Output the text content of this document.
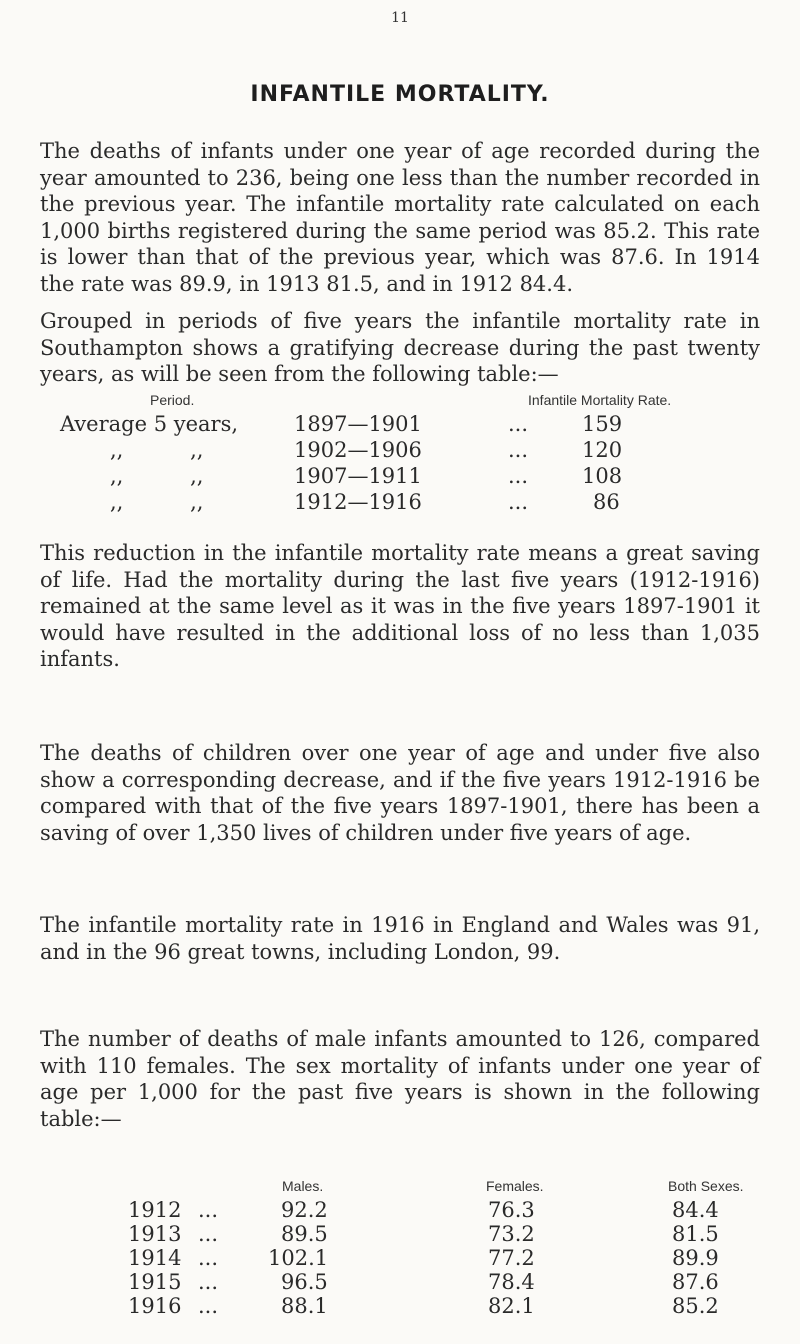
11
INFANTILE MORTALITY.

The deaths of infants under one year of age recorded during the year amounted to 236, being one less than the number recorded in the previous year. The infantile mortality rate calculated on each 1,000 births registered during the same period was 85.2. This rate is lower than that of the previous year, which was 87.6. In 1914 the rate was 89.9, in 1913 81.5, and in 1912 84.4.

Grouped in periods of five years the infantile mortality rate in Southampton shows a gratifying decrease during the past twenty years, as will be seen from the following table:—

Period.	Infantile Mortality Rate.
Average 5 years,	1897—1901	...	159
,,          ,,	1902—1906	...	120
,,          ,,	1907—1911	...	108
,,          ,,	1912—1916	...	86

This reduction in the infantile mortality rate means a great saving of life. Had the mortality during the last five years (1912-1916) remained at the same level as it was in the five years 1897-1901 it would have resulted in the additional loss of no less than 1,035 infants.

The deaths of children over one year of age and under five also show a corresponding decrease, and if the five years 1912-1916 be compared with that of the five years 1897-1901, there has been a saving of over 1,350 lives of children under five years of age.

The infantile mortality rate in 1916 in England and Wales was 91, and in the 96 great towns, including London, 99.

The number of deaths of male infants amounted to 126, compared with 110 females. The sex mortality of infants under one year of age per 1,000 for the past five years is shown in the following table:—

Males.	Females.	Both Sexes.
1912 ...	92.2	76.3	84.4
1913 ...	89.5	73.2	81.5
1914 ... 102.1	77.2	89.9
1915 ...	96.5	78.4	87.6
1916 ...	88.1	82.1	85.2
